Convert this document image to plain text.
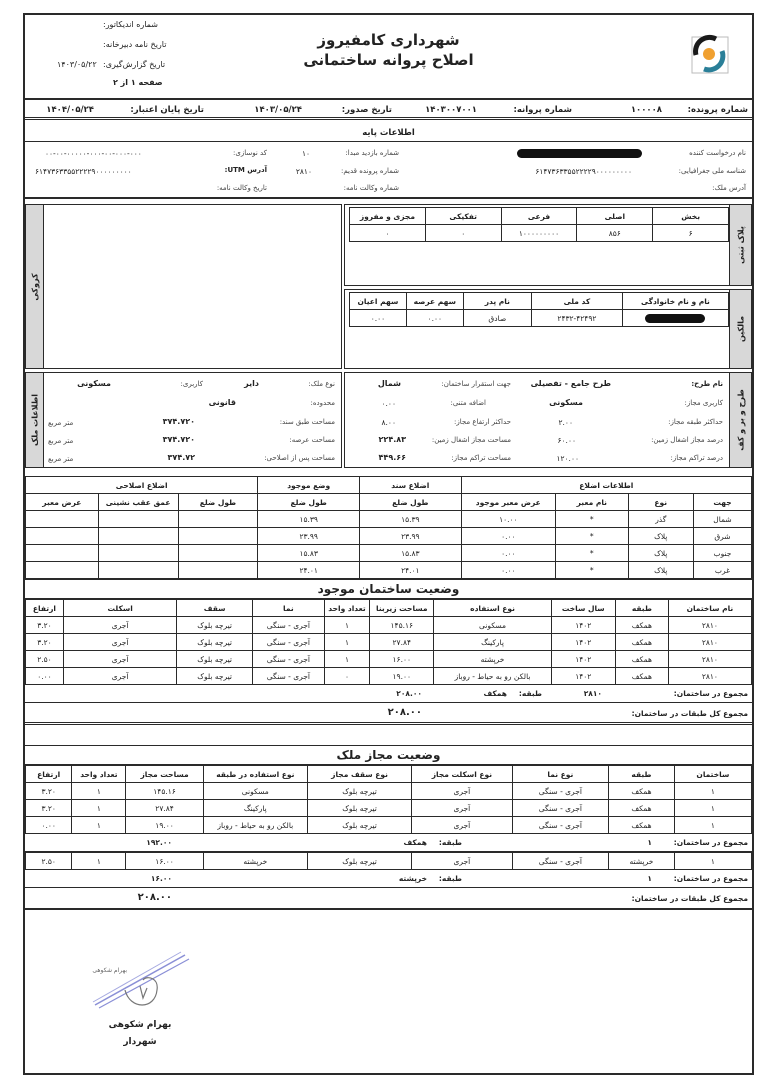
شهرداری کامفیروز
اصلاح پروانه ساختمانی
شماره اندیکاتور:
تاریخ نامه دبیرخانه:
تاریخ گزارش‌گیری:
۱۴۰۳/۰۵/۲۲
صفحه ۱ از ۲
شماره پرونده:
۱۰۰۰۰۸
شماره پروانه:
۱۴۰۳۰۰۷۰۰۱
تاریخ صدور:
۱۴۰۳/۰۵/۲۴
تاریخ پایان اعتبار:
۱۴۰۴/۰۵/۲۴
اطلاعات پایه
نام درخواست کننده
شناسه ملی جغرافیایی:
۶۱۴۷۳۶۳۳۵۵۲۲۲۲۹۰۰۰۰۰۰۰۰۰
آدرس ملک:
شماره بازدید مبدا:
۱۰
شماره پرونده قدیم:
۲۸۱۰
شماره وکالت نامه:
کد نوسازی:
۰۰-۰۰-۰۰۰۰۰-۰۰۰-۰۰-۰۰۰-۰۰۰
آدرس UTM:
۶۱۴۷۳۶۳۳۵۵۲۲۲۲۹۰۰۰۰۰۰۰۰۰
تاریخ وکالت نامه:
کروکی
پلاک ثبتی
بخش	اصلی	فرعی	تفکیکی	مجزی و مفروز
۶	۸۵۶	۱۰۰۰۰۰۰۰۰۰	۰	۰
مالکین
نام و نام خانوادگی	کد ملی	نام پدر	سهم عرصه	سهم اعیان

	۲۴۳۲-۴۲۴۹۲	صادق	۰.۰۰	۰.۰۰
اطلاعات ملک
نوع ملک:
دایر
کاربری:
مسکونی
محدوده:
قانونی
مساحت طبق سند:
۳۷۴.۷۲۰
متر مربع
مساحت عرصه:
۳۷۴.۷۲۰
متر مربع
مساحت پس از اصلاحی:
۳۷۴.۷۲
متر مربع
طرح و بر و کف
نام طرح:
طرح جامع - تفصیلی
جهت استقرار ساختمان:
شمال
کاربری مجاز:
مسکونی
اضافه متنی:
۰.۰۰
حداکثر طبقه مجاز:
۲.۰۰
حداکثر ارتفاع مجاز:
۸.۰۰
درصد مجاز اشغال زمین:
۶۰.۰۰
مساحت مجاز اشغال زمین:
۲۲۴.۸۳
درصد تراکم مجاز:
۱۲۰.۰۰
مساحت تراکم مجاز:
۴۴۹.۶۶
اطلاعات اضلاع				اضلاع سند	وضع موجود	اضلاع اصلاحی		
جهت	نوع	نام معبر	عرض معبر موجود	طول ضلع	طول ضلع	طول ضلع	عمق عقب نشینی	عرض معبر
شمال	گذر	*	۱۰.۰۰	۱۵.۳۹	۱۵.۳۹			
شرق	پلاک	*	۰.۰۰	۲۳.۹۹	۲۳.۹۹			
جنوب	پلاک	*	۰.۰۰	۱۵.۸۳	۱۵.۸۳			
غرب	پلاک	*	۰.۰۰	۲۴.۰۱	۲۴.۰۱			
وضعیت ساختمان موجود
نام ساختمان	طبقه	سال ساخت	نوع استفاده	مساحت زیربنا	تعداد واحد	نما	سقف	اسکلت	ارتفاع
۲۸۱۰	همکف	۱۴۰۲	مسکونی	۱۴۵.۱۶	۱	آجری - سنگی	تیرچه بلوک	آجری	۳.۲۰
۲۸۱۰	همکف	۱۴۰۲	پارکینگ	۲۷.۸۴	۱	آجری - سنگی	تیرچه بلوک	آجری	۳.۲۰
۲۸۱۰	همکف	۱۴۰۲	خرپشته	۱۶.۰۰	۱	آجری - سنگی	تیرچه بلوک	آجری	۲.۵۰
۲۸۱۰	همکف	۱۴۰۲	بالکن رو به حیاط - روباز	۱۹.۰۰	۰	آجری - سنگی	تیرچه بلوک	آجری	۰.۰۰
مجموع در ساختمان:
۲۸۱۰
طبقه:
همکف
۲۰۸.۰۰
مجموع کل طبقات در ساختمان:
۲۰۸.۰۰
وضعیت مجاز ملک
ساختمان	طبقه	نوع نما	نوع اسکلت مجاز	نوع سقف مجاز	نوع استفاده در طبقه	مساحت مجاز	تعداد واحد	ارتفاع
۱	همکف	آجری - سنگی	آجری	تیرچه بلوک	مسکونی	۱۴۵.۱۶	۱	۳.۲۰
۱	همکف	آجری - سنگی	آجری	تیرچه بلوک	پارکینگ	۲۷.۸۴	۱	۳.۲۰
۱	همکف	آجری - سنگی	آجری	تیرچه بلوک	بالکن رو به حیاط - روباز	۱۹.۰۰	۱	۰.۰۰
مجموع در ساختمان:
۱
طبقه:
همکف
۱۹۲.۰۰
۱	خرپشته	آجری - سنگی	آجری	تیرچه بلوک	خرپشته	۱۶.۰۰	۱	۲.۵۰
مجموع در ساختمان:
۱
طبقه:
خرپشته
۱۶.۰۰
مجموع کل طبقات در ساختمان:
۲۰۸.۰۰
بهرام شکوهی
بهرام شکوهی
شهردار
